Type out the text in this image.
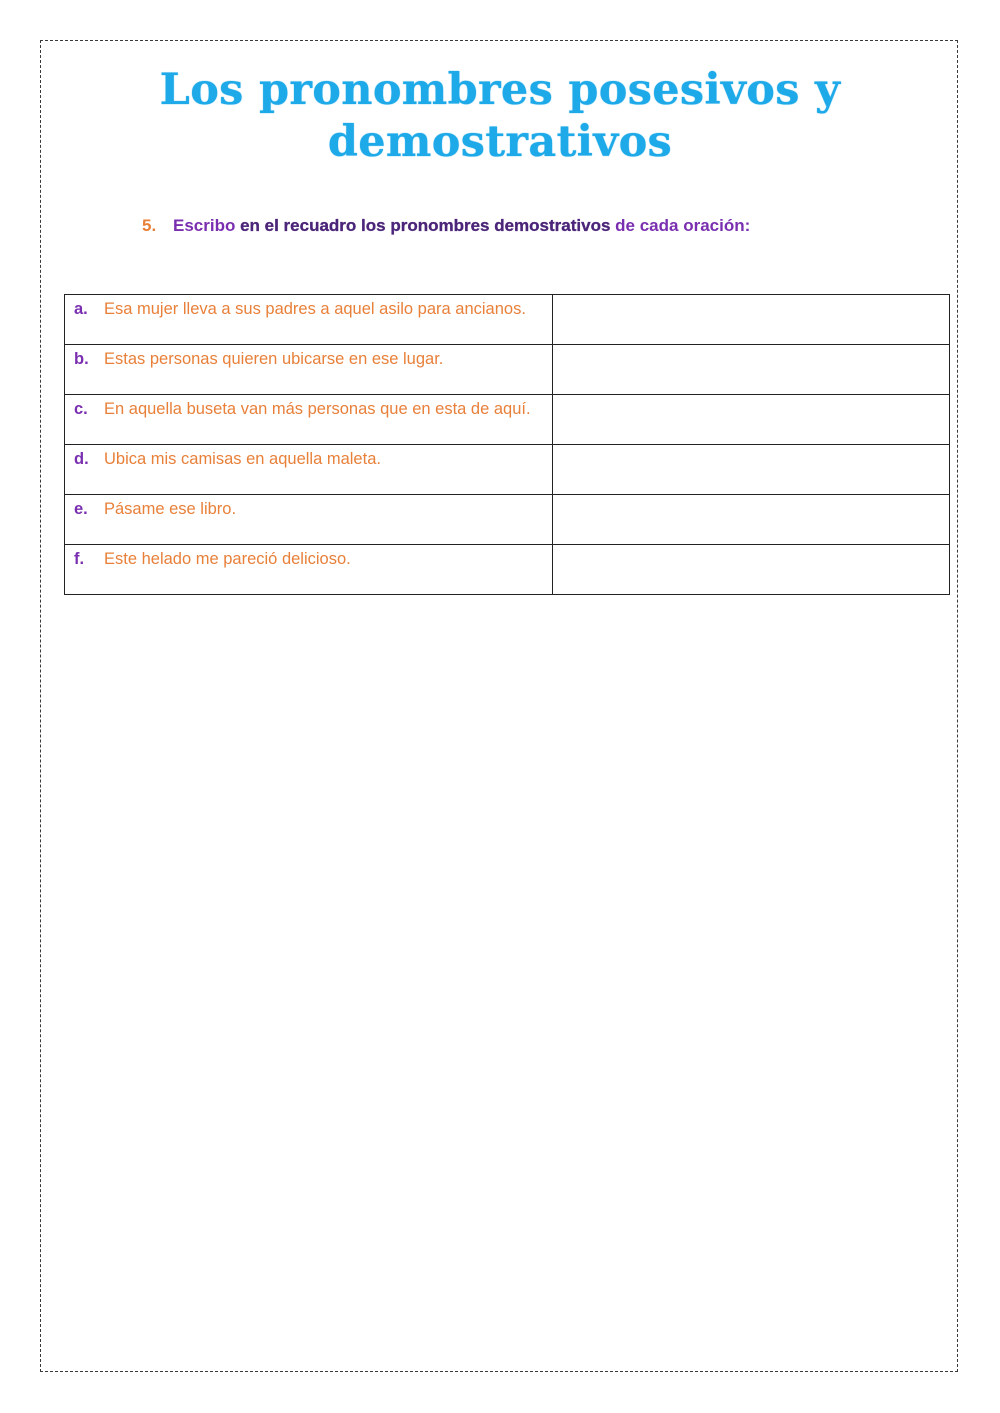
Los pronombres posesivos y
demostrativos
5. Escribo en el recuadro los pronombres demostrativos de cada oración:
a. Esa mujer lleva a sus padres a aquel asilo para ancianos.	

b. Estas personas quieren ubicarse en ese lugar.	

c. En aquella buseta van más personas que en esta de aquí.	

d. Ubica mis camisas en aquella maleta.	

e. Pásame ese libro.	

f. Este helado me pareció delicioso.	
